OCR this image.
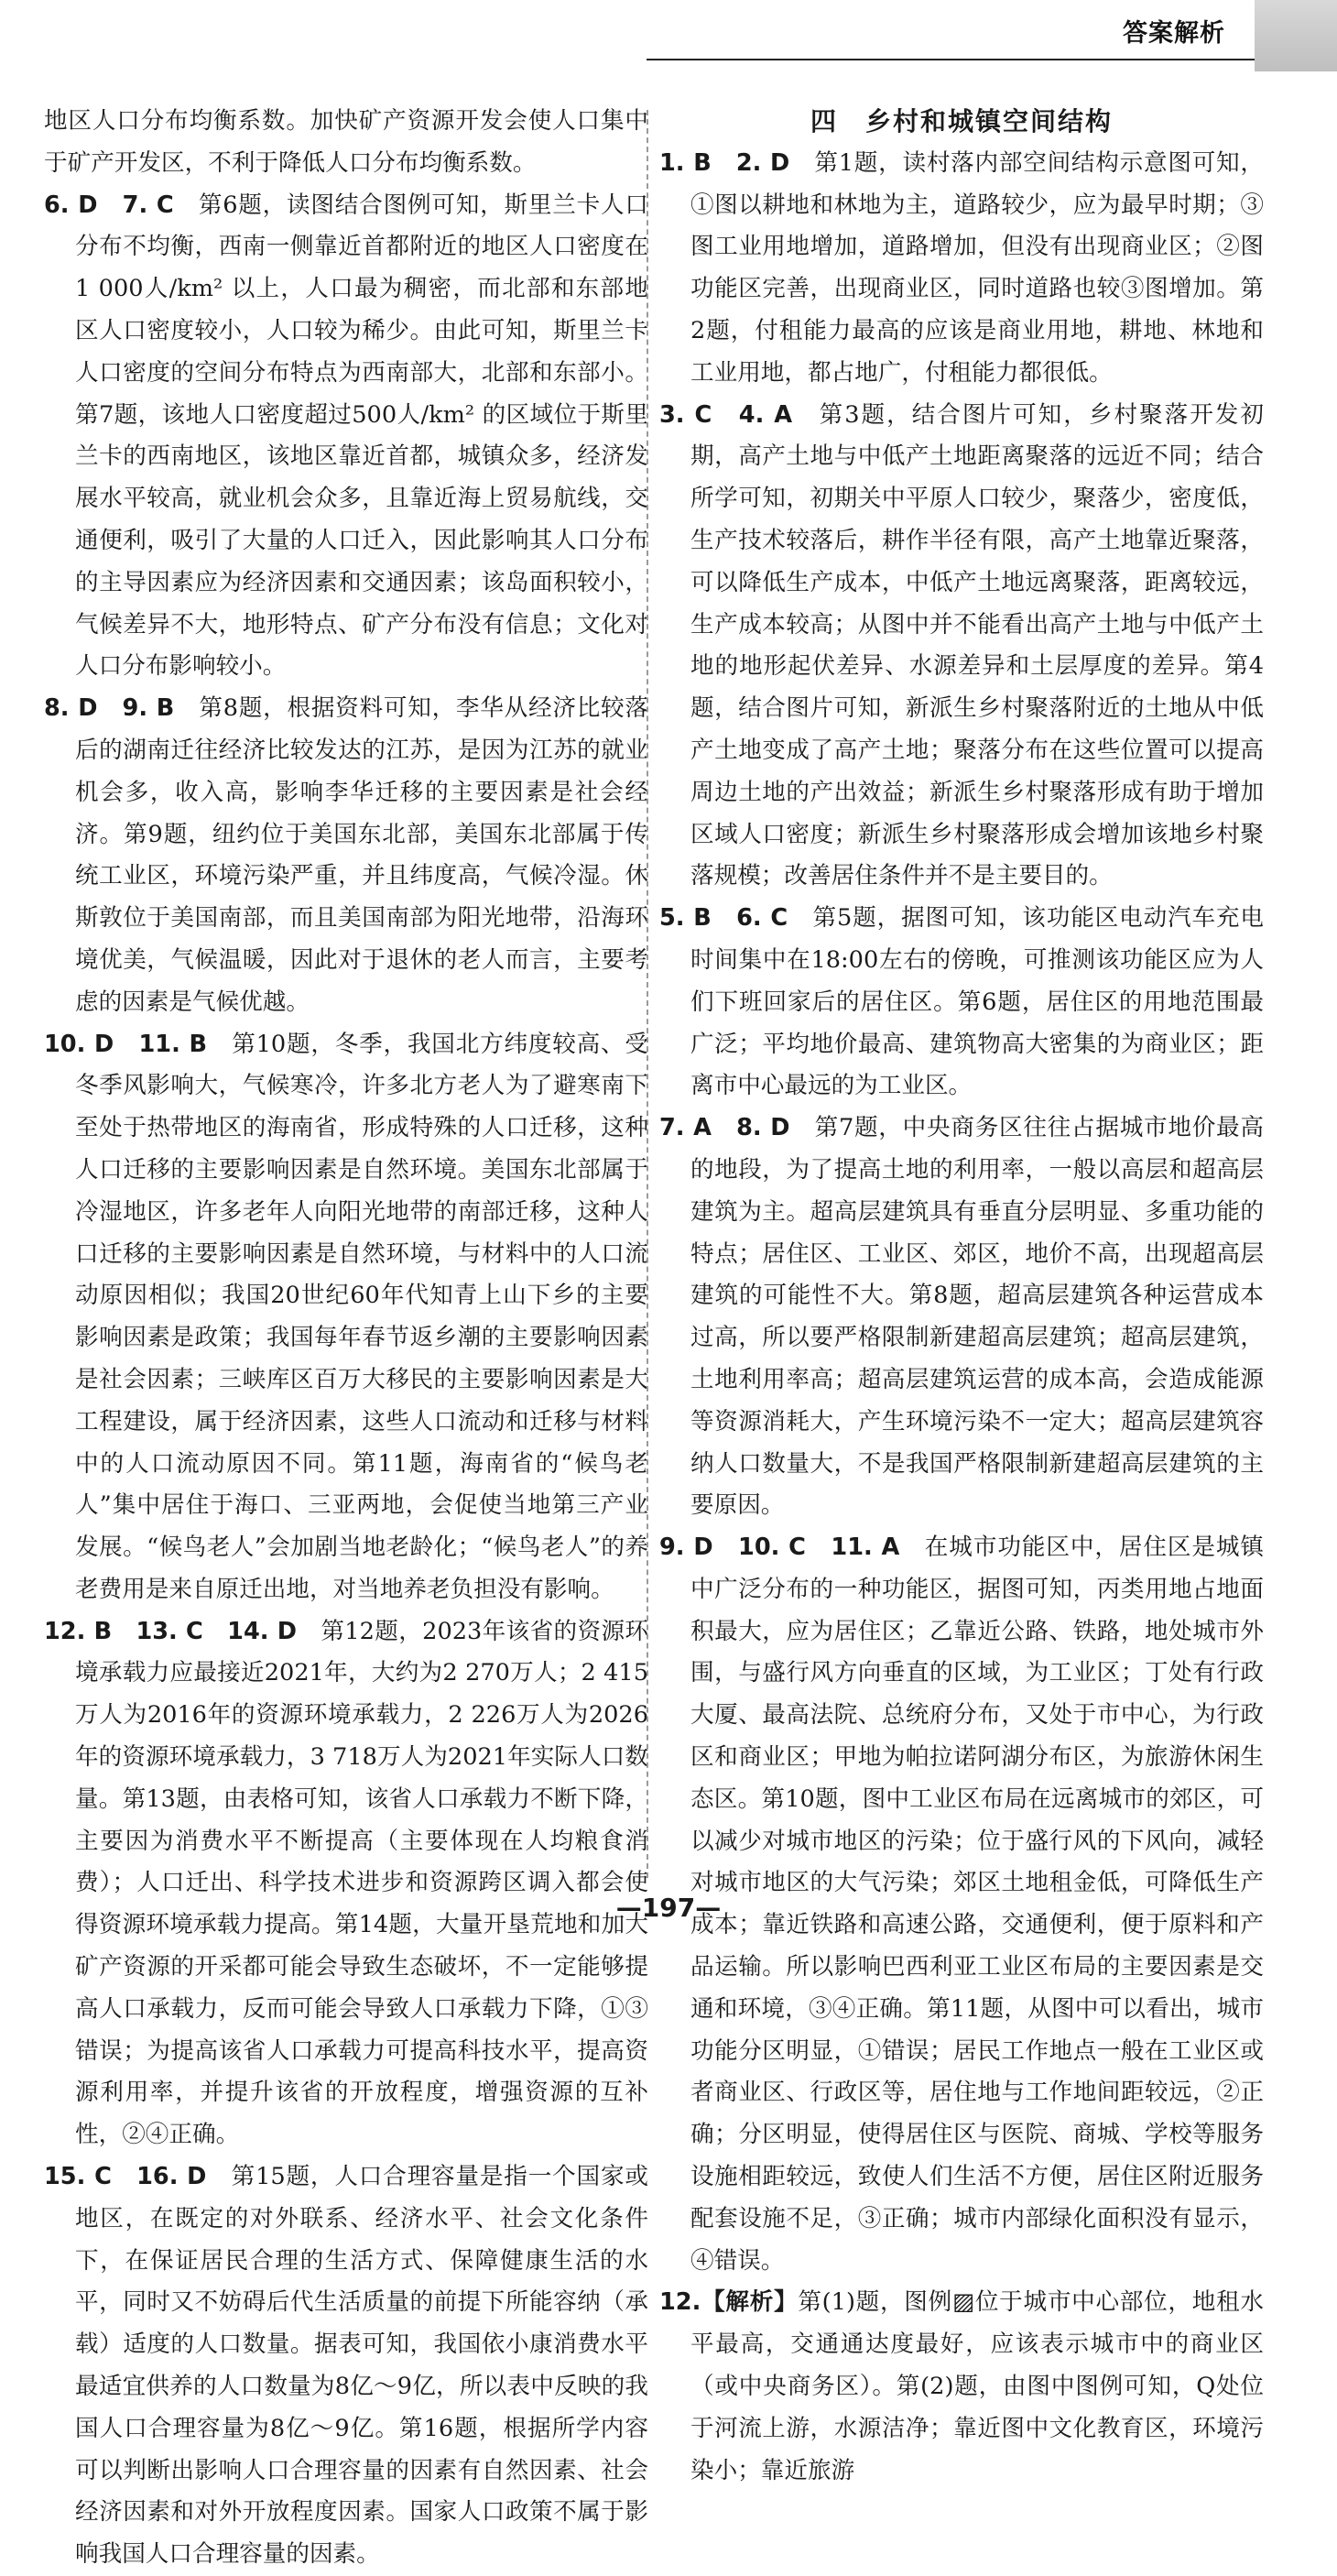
答案解析

地区人口分布均衡系数。加快矿产资源开发会使人口集中于矿产开发区，不利于降低人口分布均衡系数。

6. D　7. C　第6题，读图结合图例可知，斯里兰卡人口分布不均衡，西南一侧靠近首都附近的地区人口密度在1 000人/km² 以上，人口最为稠密，而北部和东部地区人口密度较小，人口较为稀少。由此可知，斯里兰卡人口密度的空间分布特点为西南部大，北部和东部小。第7题，该地人口密度超过500人/km² 的区域位于斯里兰卡的西南地区，该地区靠近首都，城镇众多，经济发展水平较高，就业机会众多，且靠近海上贸易航线，交通便利，吸引了大量的人口迁入，因此影响其人口分布的主导因素应为经济因素和交通因素；该岛面积较小，气候差异不大，地形特点、矿产分布没有信息；文化对人口分布影响较小。

8. D　9. B　第8题，根据资料可知，李华从经济比较落后的湖南迁往经济比较发达的江苏，是因为江苏的就业机会多，收入高，影响李华迁移的主要因素是社会经济。第9题，纽约位于美国东北部，美国东北部属于传统工业区，环境污染严重，并且纬度高，气候冷湿。休斯敦位于美国南部，而且美国南部为阳光地带，沿海环境优美，气候温暖，因此对于退休的老人而言，主要考虑的因素是气候优越。

10. D　11. B　第10题，冬季，我国北方纬度较高、受冬季风影响大，气候寒冷，许多北方老人为了避寒南下至处于热带地区的海南省，形成特殊的人口迁移，这种人口迁移的主要影响因素是自然环境。美国东北部属于冷湿地区，许多老年人向阳光地带的南部迁移，这种人口迁移的主要影响因素是自然环境，与材料中的人口流动原因相似；我国20世纪60年代知青上山下乡的主要影响因素是政策；我国每年春节返乡潮的主要影响因素是社会因素；三峡库区百万大移民的主要影响因素是大工程建设，属于经济因素，这些人口流动和迁移与材料中的人口流动原因不同。第11题，海南省的“候鸟老人”集中居住于海口、三亚两地，会促使当地第三产业发展。“候鸟老人”会加剧当地老龄化；“候鸟老人”的养老费用是来自原迁出地，对当地养老负担没有影响。

12. B　13. C　14. D　第12题，2023年该省的资源环境承载力应最接近2021年，大约为2 270万人；2 415万人为2016年的资源环境承载力，2 226万人为2026年的资源环境承载力，3 718万人为2021年实际人口数量。第13题，由表格可知，该省人口承载力不断下降，主要因为消费水平不断提高（主要体现在人均粮食消费）；人口迁出、科学技术进步和资源跨区调入都会使得资源环境承载力提高。第14题，大量开垦荒地和加大矿产资源的开采都可能会导致生态破坏，不一定能够提高人口承载力，反而可能会导致人口承载力下降，①③错误；为提高该省人口承载力可提高科技水平，提高资源利用率，并提升该省的开放程度，增强资源的互补性，②④正确。

15. C　16. D　第15题，人口合理容量是指一个国家或地区，在既定的对外联系、经济水平、社会文化条件下，在保证居民合理的生活方式、保障健康生活的水平，同时又不妨碍后代生活质量的前提下所能容纳（承载）适度的人口数量。据表可知，我国依小康消费水平最适宜供养的人口数量为8亿～9亿，所以表中反映的我国人口合理容量为8亿～9亿。第16题，根据所学内容可以判断出影响人口合理容量的因素有自然因素、社会经济因素和对外开放程度因素。国家人口政策不属于影响我国人口合理容量的因素。

四　乡村和城镇空间结构

1. B　2. D　第1题，读村落内部空间结构示意图可知，①图以耕地和林地为主，道路较少，应为最早时期；③图工业用地增加，道路增加，但没有出现商业区；②图功能区完善，出现商业区，同时道路也较③图增加。第2题，付租能力最高的应该是商业用地，耕地、林地和工业用地，都占地广，付租能力都很低。

3. C　4. A　第3题，结合图片可知，乡村聚落开发初期，高产土地与中低产土地距离聚落的远近不同；结合所学可知，初期关中平原人口较少，聚落少，密度低，生产技术较落后，耕作半径有限，高产土地靠近聚落，可以降低生产成本，中低产土地远离聚落，距离较远，生产成本较高；从图中并不能看出高产土地与中低产土地的地形起伏差异、水源差异和土层厚度的差异。第4题，结合图片可知，新派生乡村聚落附近的土地从中低产土地变成了高产土地；聚落分布在这些位置可以提高周边土地的产出效益；新派生乡村聚落形成有助于增加区域人口密度；新派生乡村聚落形成会增加该地乡村聚落规模；改善居住条件并不是主要目的。

5. B　6. C　第5题，据图可知，该功能区电动汽车充电时间集中在18:00左右的傍晚，可推测该功能区应为人们下班回家后的居住区。第6题，居住区的用地范围最广泛；平均地价最高、建筑物高大密集的为商业区；距离市中心最远的为工业区。

7. A　8. D　第7题，中央商务区往往占据城市地价最高的地段，为了提高土地的利用率，一般以高层和超高层建筑为主。超高层建筑具有垂直分层明显、多重功能的特点；居住区、工业区、郊区，地价不高，出现超高层建筑的可能性不大。第8题，超高层建筑各种运营成本过高，所以要严格限制新建超高层建筑；超高层建筑，土地利用率高；超高层建筑运营的成本高，会造成能源等资源消耗大，产生环境污染不一定大；超高层建筑容纳人口数量大，不是我国严格限制新建超高层建筑的主要原因。

9. D　10. C　11. A　在城市功能区中，居住区是城镇中广泛分布的一种功能区，据图可知，丙类用地占地面积最大，应为居住区；乙靠近公路、铁路，地处城市外围，与盛行风方向垂直的区域，为工业区；丁处有行政大厦、最高法院、总统府分布，又处于市中心，为行政区和商业区；甲地为帕拉诺阿湖分布区，为旅游休闲生态区。第10题，图中工业区布局在远离城市的郊区，可以减少对城市地区的污染；位于盛行风的下风向，减轻对城市地区的大气污染；郊区土地租金低，可降低生产成本；靠近铁路和高速公路，交通便利，便于原料和产品运输。所以影响巴西利亚工业区布局的主要因素是交通和环境，③④正确。第11题，从图中可以看出，城市功能分区明显，①错误；居民工作地点一般在工业区或者商业区、行政区等，居住地与工作地间距较远，②正确；分区明显，使得居住区与医院、商城、学校等服务设施相距较远，致使人们生活不方便，居住区附近服务配套设施不足，③正确；城市内部绿化面积没有显示，④错误。

12.【解析】第(1)题，图例▨位于城市中心部位，地租水平最高，交通通达度最好，应该表示城市中的商业区（或中央商务区）。第(2)题，由图中图例可知，Q处位于河流上游，水源洁净；靠近图中文化教育区，环境污染小；靠近旅游

—197—
